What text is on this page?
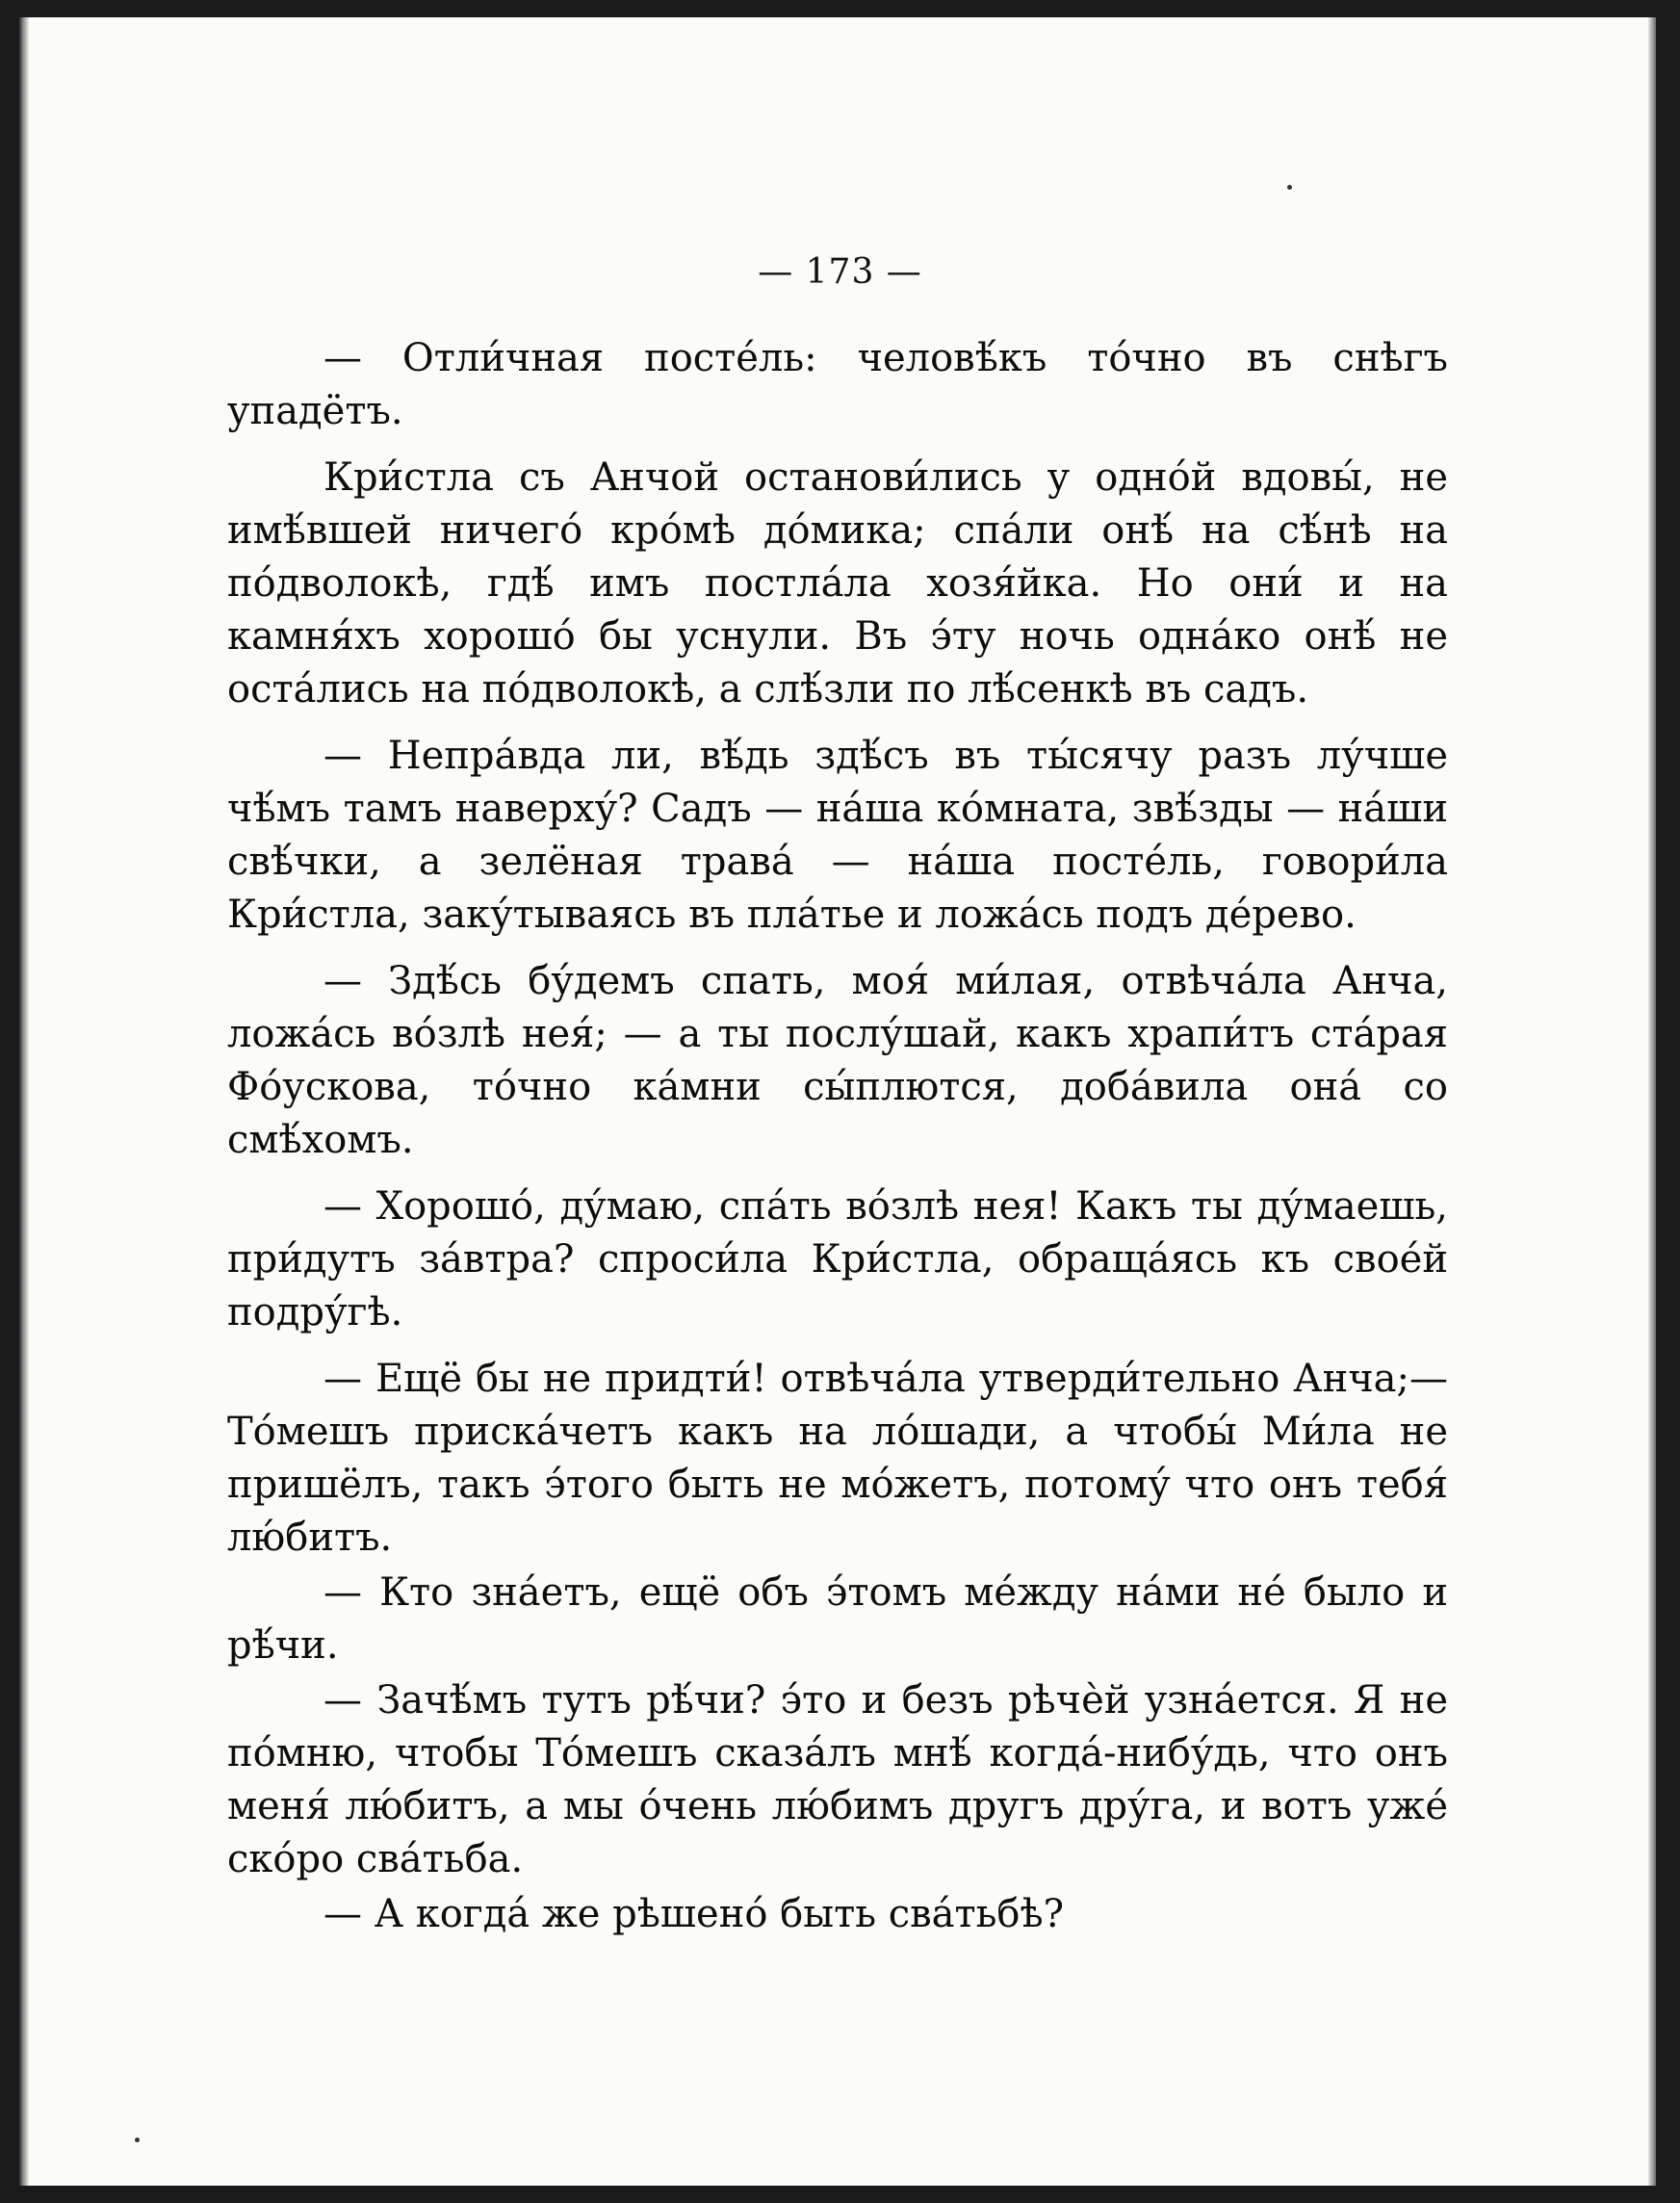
— 173 —

— Отли́чная посте́ль: человѣ́къ то́чно въ снѣгъ упадётъ.

Кри́стла съ Анчой останови́лись у одно́й вдовы́, не имѣ́вшей ничего́ кро́мѣ до́мика; спа́ли онѣ́ на сѣ́нѣ на по́дволокѣ, гдѣ́ имъ постла́ла хозя́йка. Но они́ и на камня́хъ хорошо́ бы уснули. Въ э́ту ночь одна́ко онѣ́ не оста́лись на по́дволокѣ, а слѣ́зли по лѣ́сенкѣ въ садъ.

— Непра́вда ли, вѣ́дь здѣ́съ въ ты́сячу разъ лу́чше чѣ́мъ тамъ наверху́? Садъ — на́ша ко́мната, звѣ́зды — на́ши свѣ́чки, а зелёная трава́ — на́ша посте́ль, говори́ла Кри́стла, заку́тываясь въ пла́тье и ложа́сь подъ де́рево.

— Здѣ́сь бу́демъ спать, моя́ ми́лая, отвѣча́ла Анча, ложа́сь во́злѣ нея́; — а ты послу́шай, какъ храпи́тъ ста́рая Фо́ускова, то́чно ка́мни сы́плются, доба́вила она́ со смѣ́хомъ.

— Хорошо́, ду́маю, спа́ть во́злѣ нея! Какъ ты ду́маешь, при́дутъ за́втра? спроси́ла Кри́стла, обраща́ясь къ свое́й подру́гѣ.

— Ещё бы не придти́! отвѣча́ла утверди́тельно Анча;— То́мешъ приска́четъ какъ на ло́шади, а чтобы́ Ми́ла не пришёлъ, такъ э́того быть не мо́жетъ, потому́ что онъ тебя́ лю́битъ.

— Кто зна́етъ, ещё объ э́томъ ме́жду на́ми не́ было и рѣ́чи.

— Зачѣ́мъ тутъ рѣ́чи? э́то и безъ рѣчѐй узна́ется. Я не по́мню, чтобы То́мешъ сказа́лъ мнѣ́ когда́-нибу́дь, что онъ меня́ лю́битъ, а мы о́чень лю́бимъ другъ дру́га, и вотъ уже́ ско́ро сва́тьба.

— А когда́ же рѣшено́ быть сва́тьбѣ?
